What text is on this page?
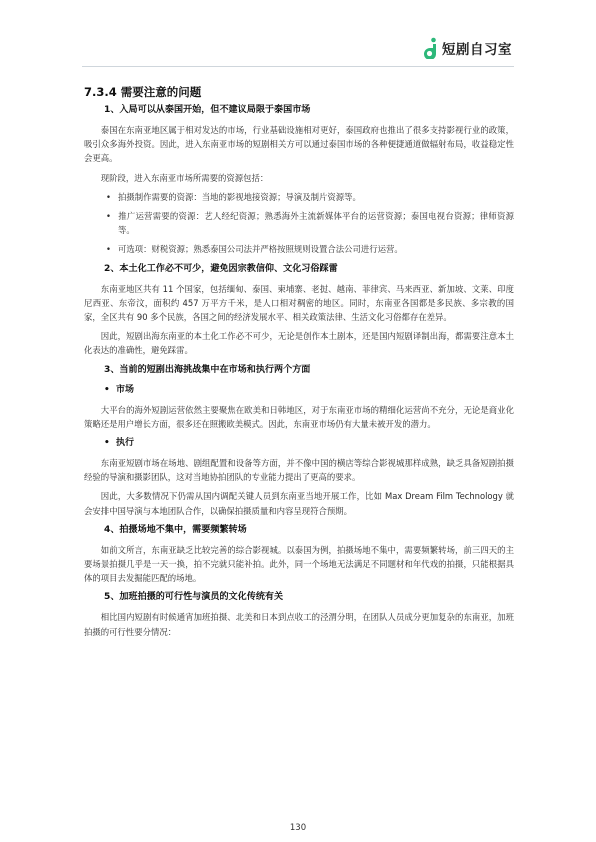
短剧自习室
7.3.4 需要注意的问题
1、入局可以从泰国开始，但不建议局限于泰国市场

泰国在东南亚地区属于相对发达的市场，行业基础设施相对更好，泰国政府也推出了很多支持影视行业的政策，吸引众多海外投资。因此，进入东南亚市场的短剧相关方可以通过泰国市场的各种便捷通道做辐射布局，收益稳定性会更高。

现阶段，进入东南亚市场所需要的资源包括：

• 拍摄制作需要的资源：当地的影视地接资源；导演及制片资源等。
• 推广运营需要的资源：艺人经纪资源；熟悉海外主流新媒体平台的运营资源；泰国电视台资源；律师资源等。
• 可选项：财税资源；熟悉泰国公司法并严格按照规则设置合法公司进行运营。
2、本土化工作必不可少，避免因宗教信仰、文化习俗踩雷

东南亚地区共有 11 个国家，包括缅甸、泰国、柬埔寨、老挝、越南、菲律宾、马来西亚、新加坡、文莱、印度尼西亚、东帝汶，面积约 457 万平方千米，是人口相对稠密的地区。同时，东南亚各国都是多民族、多宗教的国家，全区共有 90 多个民族，各国之间的经济发展水平、相关政策法律、生活文化习俗都存在差异。

因此，短剧出海东南亚的本土化工作必不可少，无论是创作本土剧本，还是国内短剧译制出海，都需要注意本土化表达的准确性，避免踩雷。

3、当前的短剧出海挑战集中在市场和执行两个方面
• 市场

大平台的海外短剧运营依然主要聚焦在欧美和日韩地区，对于东南亚市场的精细化运营尚不充分，无论是商业化策略还是用户增长方面，很多还在照搬欧美模式。因此，东南亚市场仍有大量未被开发的潜力。

• 执行

东南亚短剧市场在场地、剧组配置和设备等方面，并不像中国的横店等综合影视城那样成熟，缺乏具备短剧拍摄经验的导演和摄影团队，这对当地协拍团队的专业能力提出了更高的要求。

因此，大多数情况下仍需从国内调配关键人员到东南亚当地开展工作，比如 Max Dream Film Technology 就会安排中国导演与本地团队合作，以确保拍摄质量和内容呈现符合预期。

4、拍摄场地不集中，需要频繁转场

如前文所言，东南亚缺乏比较完善的综合影视城。以泰国为例，拍摄场地不集中，需要频繁转场，前三四天的主要场景拍摄几乎是一天一换，拍不完就只能补拍。此外，同一个场地无法满足不同题材和年代戏的拍摄，只能根据具体的项目去发掘能匹配的场地。

5、加班拍摄的可行性与演员的文化传统有关

相比国内短剧有时候通宵加班拍摄、北美和日本到点收工的泾渭分明，在团队人员成分更加复杂的东南亚，加班拍摄的可行性要分情况：

130
